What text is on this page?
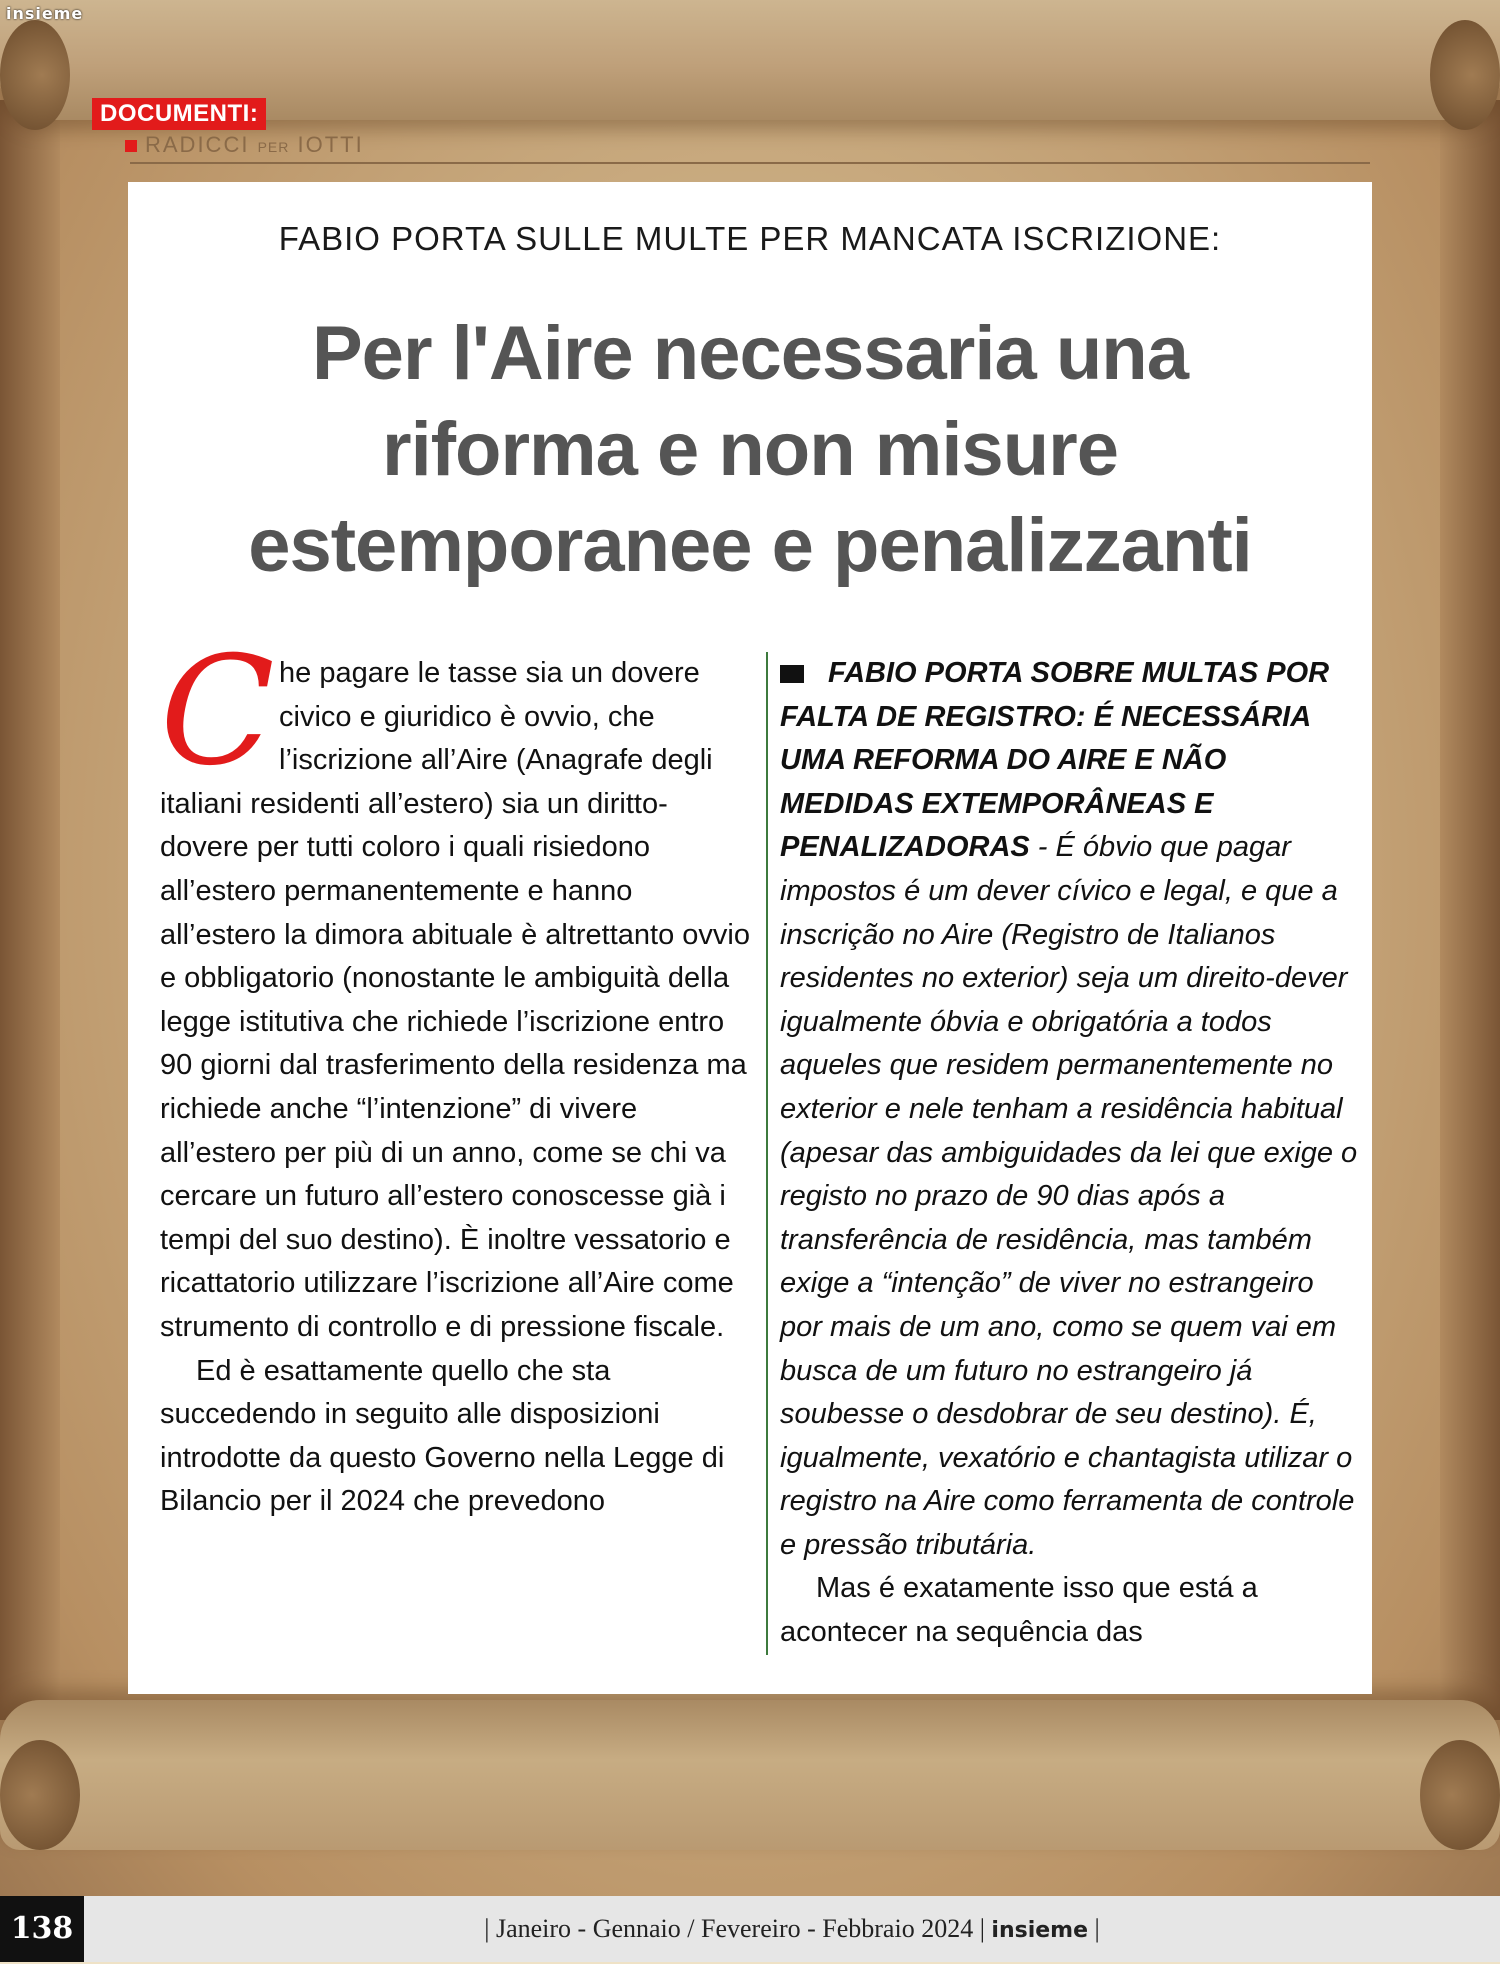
insieme
DOCUMENTI:
RADICCI PER IOTTI
FABIO PORTA SULLE MULTE PER MANCATA ISCRIZIONE:
Per l'Aire necessaria una
riforma e non misure
estemporanee e penalizzanti
C he pagare le tasse sia un dovere civico e giuridico è ovvio, che l’iscrizione all’Aire (Anagrafe degli italiani residenti all’estero) sia un diritto-dovere per tutti coloro i quali risiedono all’estero permanentemente e hanno all’estero la dimora abituale è altrettanto ovvio e obbligatorio (nonostante le ambiguità della legge istitutiva che richiede l’iscrizione entro 90 giorni dal trasferimento della residenza ma richiede anche “l’intenzione” di vivere all’estero per più di un anno, come se chi va cercare un futuro all’estero conoscesse già i tempi del suo destino). È inoltre vessatorio e ricattatorio utilizzare l’iscrizione all’Aire come strumento di controllo e di pressione fiscale.

Ed è esattamente quello che sta succedendo in seguito alle disposizioni introdotte da questo Governo nella Legge di Bilancio per il 2024 che prevedono

FABIO PORTA SOBRE MULTAS POR FALTA DE REGISTRO: É NECESSÁRIA UMA REFORMA DO AIRE E NÃO MEDIDAS EXTEMPORÂNEAS E PENALIZADORAS - É óbvio que pagar impostos é um dever cívico e legal, e que a inscrição no Aire (Registro de Italianos residentes no exterior) seja um direito-dever igualmente óbvia e obrigatória a todos aqueles que residem permanentemente no exterior e nele tenham a residência habitual (apesar das ambiguidades da lei que exige o registo no prazo de 90 dias após a transferência de residência, mas também exige a “intenção” de viver no estrangeiro por mais de um ano, como se quem vai em busca de um futuro no estrangeiro já soubesse o desdobrar de seu destino). É, igualmente, vexatório e chantagista utilizar o registro na Aire como ferramenta de controle e pressão tributária.

Mas é exatamente isso que está a acontecer na sequência das

138	| Janeiro - Gennaio / Fevereiro - Febbraio 2024 | insieme |
